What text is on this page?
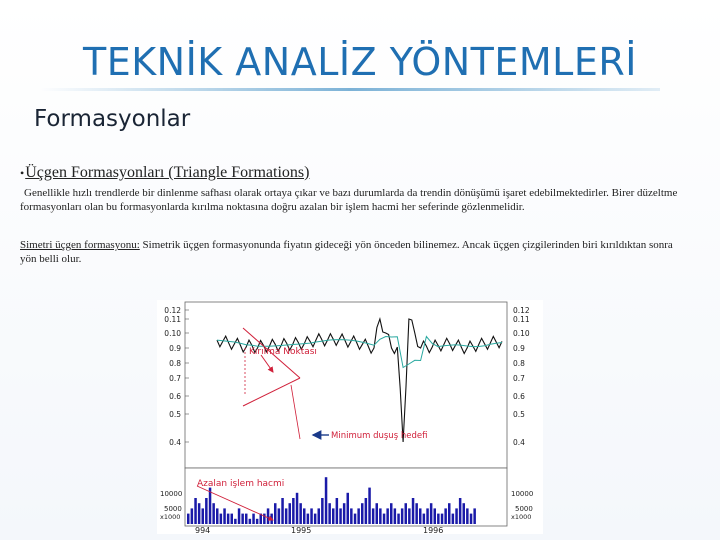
TEKNİK ANALİZ YÖNTEMLERİ
Formasyonlar
•Üçgen Formasyonları (Triangle Formations)
Genellikle hızlı trendlerde bir dinlenme safhası olarak ortaya çıkar ve bazı durumlarda da trendin dönüşümü işaret edebilmektedirler. Birer düzeltme formasyonları olan bu formasyonlarda kırılma noktasına doğru azalan bir işlem hacmi her seferinde gözlenmelidir.
Simetri üçgen formasyonu: Simetrik üçgen formasyonunda fiyatın gideceği yön önceden bilinemez. Ancak üçgen çizgilerinden biri kırıldıktan sonra yön belli olur.
0.12
0.11
0.10
0.9
0.8
0.7
0.6
0.5
0.4
0.12
0.11
0.10
0.9
0.8
0.7
0.6
0.5
0.4
Kırılma Noktası
Minimum duşuş hedefi
Azalan işlem hacmi
10000
5000
x1000
10000
5000
x1000
994	1995	1996
